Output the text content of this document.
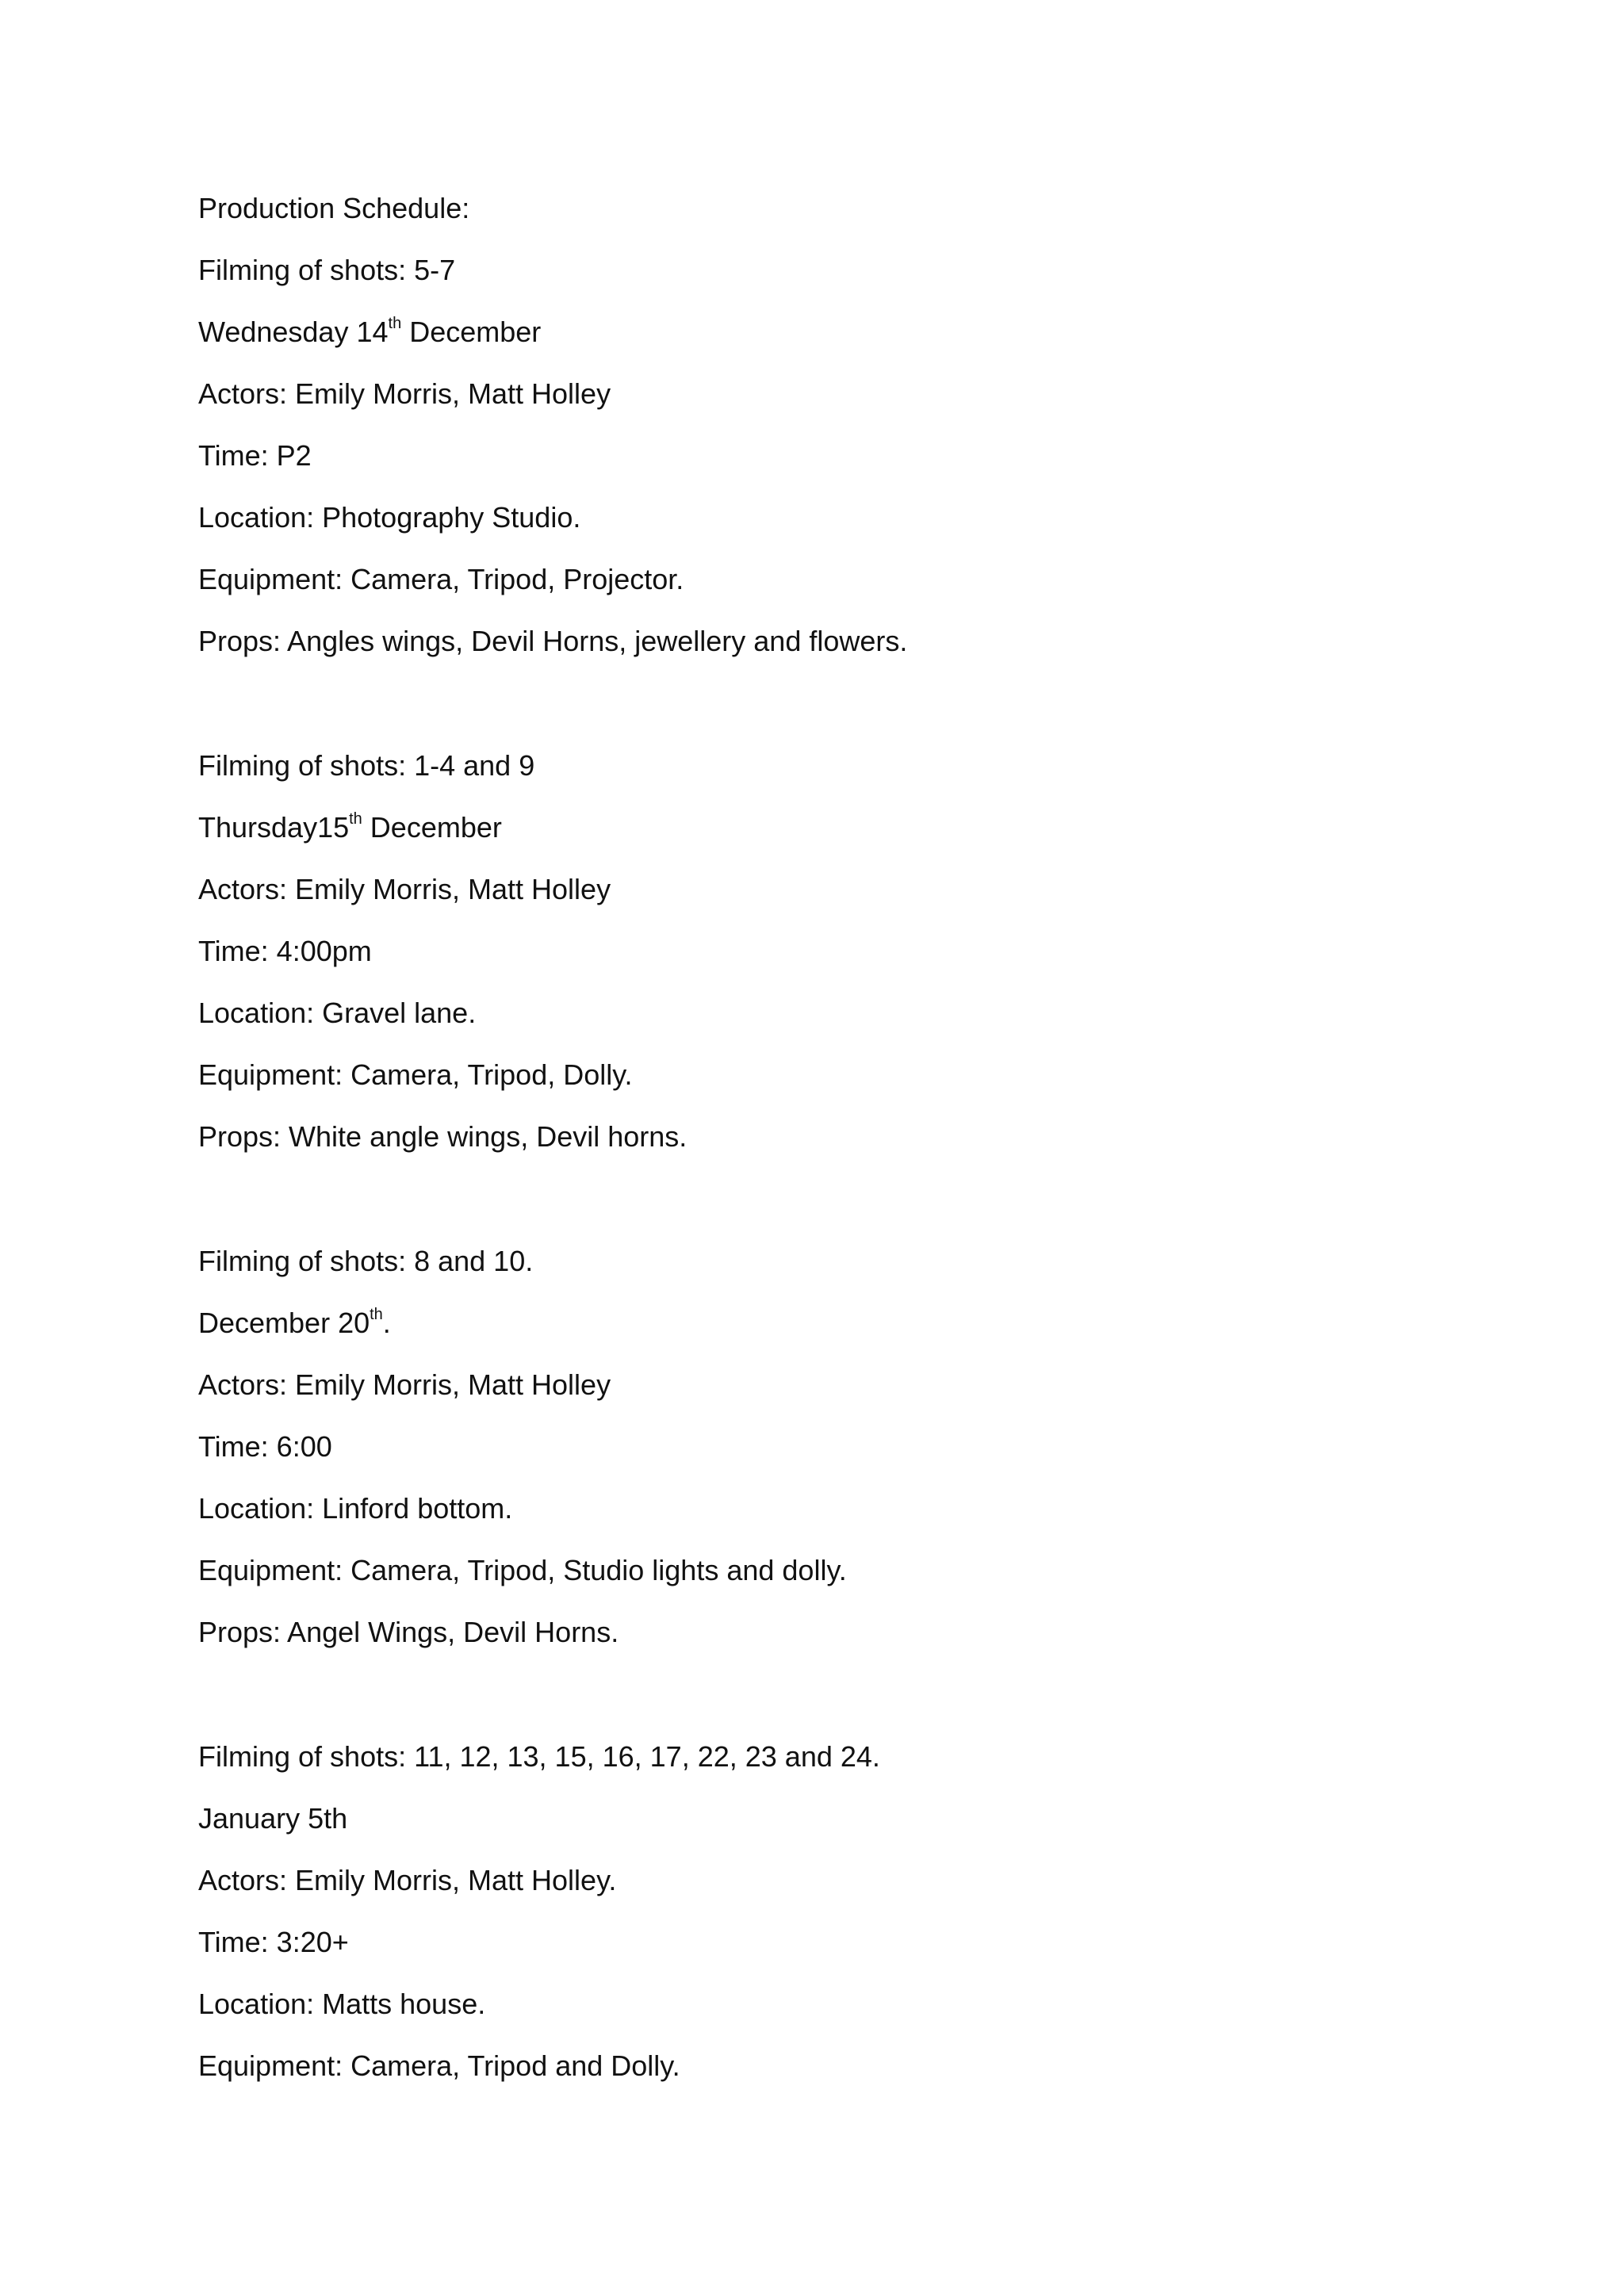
Production Schedule:
Filming of shots: 5-7
Wednesday 14th December
Actors: Emily Morris, Matt Holley
Time: P2
Location: Photography Studio.
Equipment: Camera, Tripod, Projector.
Props: Angles wings, Devil Horns, jewellery and flowers.
Filming of shots: 1-4 and 9
Thursday15th December
Actors: Emily Morris, Matt Holley
Time: 4:00pm
Location: Gravel lane.
Equipment: Camera, Tripod, Dolly.
Props: White angle wings, Devil horns.
Filming of shots: 8 and 10.
December 20th.
Actors: Emily Morris, Matt Holley
Time: 6:00
Location: Linford bottom.
Equipment: Camera, Tripod, Studio lights and dolly.
Props: Angel Wings, Devil Horns.
Filming of shots: 11, 12, 13, 15, 16, 17, 22, 23 and 24.
January 5th
Actors: Emily Morris, Matt Holley.
Time: 3:20+
Location: Matts house.
Equipment: Camera, Tripod and Dolly.
